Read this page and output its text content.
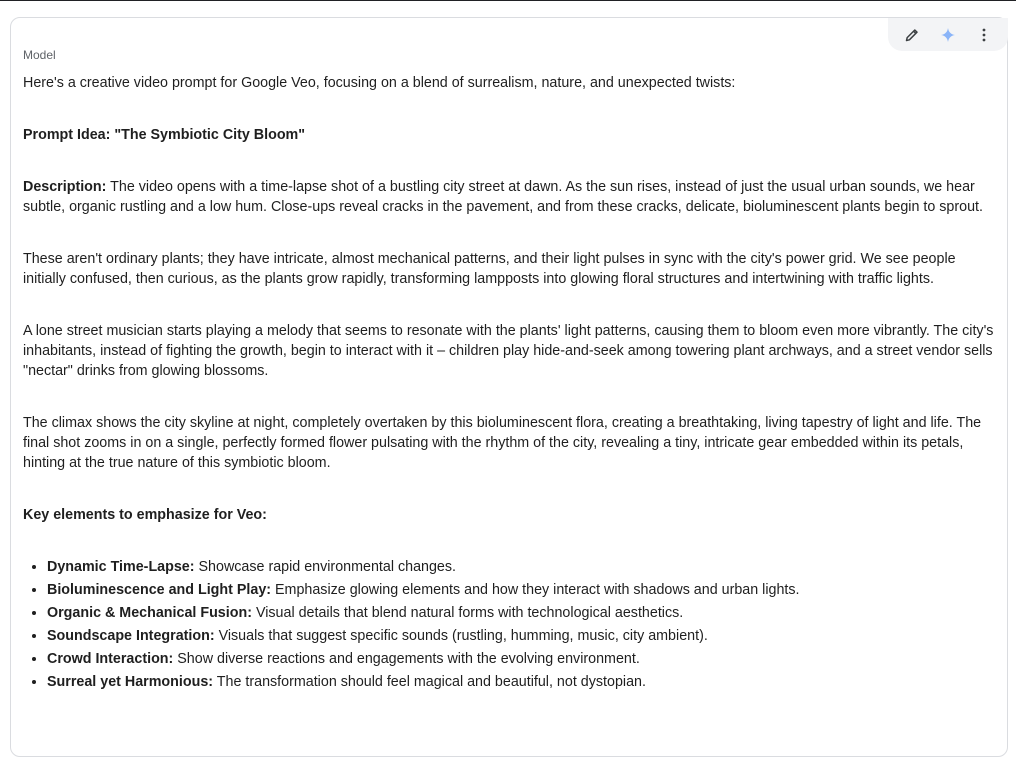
Model

Here's a creative video prompt for Google Veo, focusing on a blend of surrealism, nature, and unexpected twists:

Prompt Idea: "The Symbiotic City Bloom"

Description: The video opens with a time-lapse shot of a bustling city street at dawn. As the sun rises, instead of just the usual urban sounds, we hear subtle, organic rustling and a low hum. Close-ups reveal cracks in the pavement, and from these cracks, delicate, bioluminescent plants begin to sprout.

These aren't ordinary plants; they have intricate, almost mechanical patterns, and their light pulses in sync with the city's power grid. We see people initially confused, then curious, as the plants grow rapidly, transforming lampposts into glowing floral structures and intertwining with traffic lights.

A lone street musician starts playing a melody that seems to resonate with the plants' light patterns, causing them to bloom even more vibrantly. The city's inhabitants, instead of fighting the growth, begin to interact with it – children play hide-and-seek among towering plant archways, and a street vendor sells "nectar" drinks from glowing blossoms.

The climax shows the city skyline at night, completely overtaken by this bioluminescent flora, creating a breathtaking, living tapestry of light and life. The final shot zooms in on a single, perfectly formed flower pulsating with the rhythm of the city, revealing a tiny, intricate gear embedded within its petals, hinting at the true nature of this symbiotic bloom.

Key elements to emphasize for Veo:

• Dynamic Time-Lapse: Showcase rapid environmental changes.
• Bioluminescence and Light Play: Emphasize glowing elements and how they interact with shadows and urban lights.
• Organic & Mechanical Fusion: Visual details that blend natural forms with technological aesthetics.
• Soundscape Integration: Visuals that suggest specific sounds (rustling, humming, music, city ambient).
• Crowd Interaction: Show diverse reactions and engagements with the evolving environment.
• Surreal yet Harmonious: The transformation should feel magical and beautiful, not dystopian.
